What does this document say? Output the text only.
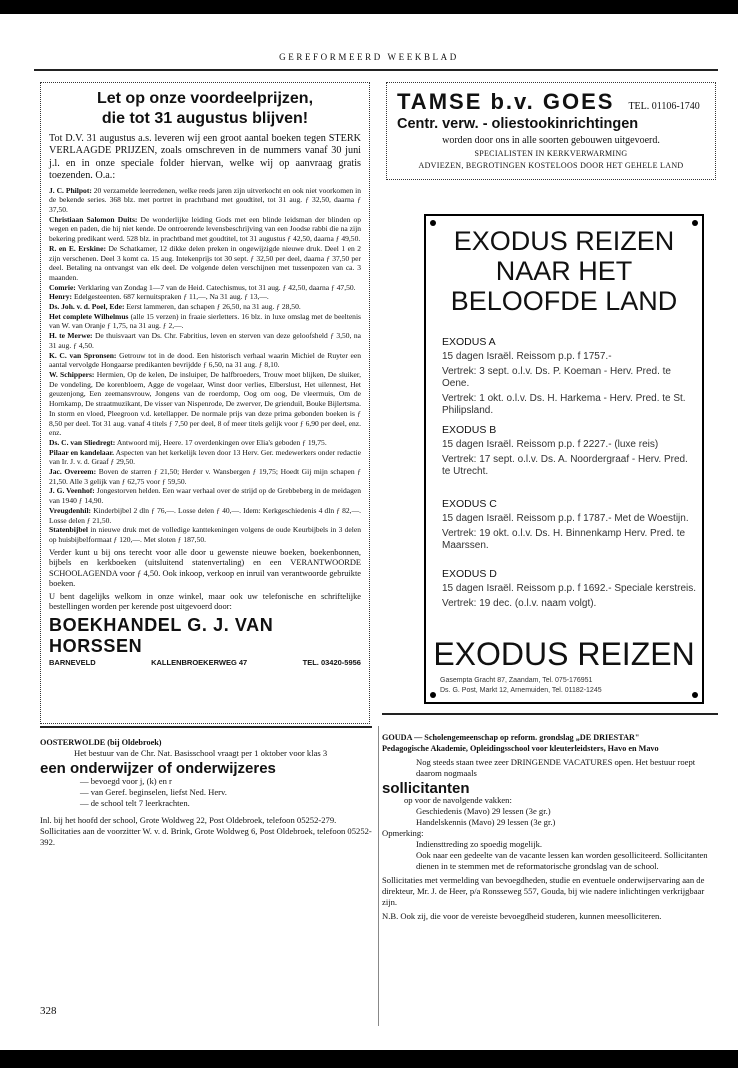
GEREFORMEERD WEEKBLAD
Let op onze voordeelprijzen,
die tot 31 augustus blijven!
Tot D.V. 31 augustus a.s. leveren wij een groot aantal boeken tegen STERK VERLAAGDE PRIJZEN, zoals omschreven in de nummers vanaf 30 juni j.l. en in onze speciale folder hiervan, welke wij op aanvraag gratis toezenden. O.a.:

J. C. Philpot: 20 verzamelde leerredenen, welke reeds jaren zijn uitverkocht en ook niet voorkomen in de bekende series. 368 blz. met portret in prachtband met goudtitel, tot 31 aug. ƒ 32,50, daarna ƒ 37,50.

Christiaan Salomon Duits: De wonderlijke leiding Gods met een blinde leidsman der blinden op wegen en paden, die hij niet kende. De ontroerende levensbeschrijving van een Joodse rabbi die na zijn bekering predikant werd. 528 blz. in prachtband met goudtitel, tot 31 augustus ƒ 42,50, daarna ƒ 49,50.

R. en E. Erskine: De Schatkamer, 12 dikke delen preken in ongewijzigde nieuwe druk. Deel 1 en 2 zijn verschenen. Deel 3 komt ca. 15 aug. Intekenprijs tot 30 sept. ƒ 32,50 per deel, daarna ƒ 37,50 per deel. Betaling na ontvangst van elk deel. De volgende delen verschijnen met tussenpozen van ca. 3 maanden.

Comrie: Verklaring van Zondag 1—7 van de Heid. Catechismus, tot 31 aug. ƒ 42,50, daarna ƒ 47,50.

Henry: Edelgesteenten. 687 kernuitspraken ƒ 11,—, Na 31 aug. ƒ 13,—.

Ds. Joh. v. d. Poel, Ede: Eerst lammeren, dan schapen ƒ 26,50, na 31 aug. ƒ 28,50.

Het complete Wilhelmus (alle 15 verzen) in fraaie sierletters. 16 blz. in luxe omslag met de beeltenis van W. van Oranje ƒ 1,75, na 31 aug. ƒ 2,—.

H. te Merwe: De thuisvaart van Ds. Chr. Fabritius, leven en sterven van deze geloofsheld ƒ 3,50, na 31 aug. ƒ 4,50.

K. C. van Spronsen: Getrouw tot in de dood. Een historisch verhaal waarin Michiel de Ruyter een aantal vervolgde Hongaarse predikanten bevrijdde ƒ 6,50, na 31 aug. ƒ 8,10.

W. Schippers: Hermien, Op de kelen, De insluiper, De halfbroeders, Trouw moet blijken, De sluiker, De vondeling, De korenbloem, Agge de vogelaar, Winst door verlies, Elberslust, Het uilennest, Het geuzenjong, Een zeemansvrouw, Jongens van de roerdomp, Oog om oog, De vleermuis, Om de Hornkamp, De straatmuzikant, De visser van Nispenrode, De zwerver, De grienduil, Bouke Bijlertsma. In storm en vloed, Pleegroon v.d. ketellapper. De normale prijs van deze prima gebonden boeken is ƒ 8,50 per deel. Tot 31 aug. vanaf 4 titels ƒ 7,50 per deel, 8 of meer titels gelijk voor ƒ 6,90 per deel, enz. enz.

Ds. C. van Sliedregt: Antwoord mij, Heere. 17 overdenkingen over Elia's geboden ƒ 19,75.

Pilaar en kandelaar. Aspecten van het kerkelijk leven door 13 Herv. Ger. medewerkers onder redactie van Ir. J. v. d. Graaf ƒ 29,50.

Jac. Overeem: Boven de starren ƒ 21,50; Herder v. Wansbergen ƒ 19,75; Hoedt Gij mijn schapen ƒ 21,50. Alle 3 gelijk van ƒ 62,75 voor ƒ 59,50.

J. G. Veenhof: Jongestorven helden. Een waar verhaal over de strijd op de Grebbeberg in de meidagen van 1940 ƒ 14,90.

Vreugdenhil: Kinderbijbel 2 dln ƒ 76,—. Losse delen ƒ 40,—. Idem: Kerkgeschiedenis 4 dln ƒ 82,—. Losse delen ƒ 21,50.

Statenbijbel in nieuwe druk met de volledige kanttekeningen volgens de oude Keurbijbels in 3 delen op huisbijbelformaat ƒ 120,—. Met sloten ƒ 187,50.

Verder kunt u bij ons terecht voor alle door u gewenste nieuwe boeken, boekenbonnen, bijbels en kerkboeken (uitsluitend statenvertaling) en een VERANTWOORDE SCHOOLAGENDA voor ƒ 4,50. Ook inkoop, verkoop en inruil van verantwoorde gebruikte boeken.

U bent dagelijks welkom in onze winkel, maar ook uw telefonische en schriftelijke bestellingen worden per kerende post uitgevoerd door:

BOEKHANDEL G. J. VAN HORSSEN
BARNEVELD	KALLENBROEKERWEG 47	TEL. 03420-5956
TAMSE b.v. GOES TEL. 01106-1740
Centr. verw. - oliestookinrichtingen
worden door ons in alle soorten gebouwen uitgevoerd.
SPECIALISTEN IN KERKVERWARMING
ADVIEZEN, BEGROTINGEN KOSTELOOS DOOR HET GEHELE LAND
EXODUS REIZEN
NAAR HET
BELOOFDE LAND
EXODUS A
15 dagen Israël. Reissom p.p. f 1757.-
Vertrek: 3 sept. o.l.v. Ds. P. Koeman - Herv. Pred. te Oene.
Vertrek: 1 okt. o.l.v. Ds. H. Harkema - Herv. Pred. te St. Philipsland.
EXODUS B
15 dagen Israël. Reissom p.p. f 2227.- (luxe reis)
Vertrek: 17 sept. o.l.v. Ds. A. Noordergraaf - Herv. Pred. te Utrecht.
EXODUS C
15 dagen Israël. Reissom p.p. f 1787.- Met de Woestijn.
Vertrek: 19 okt. o.l.v. Ds. H. Binnenkamp Herv. Pred. te Maarssen.
EXODUS D
15 dagen Israël. Reissom p.p. f 1692.- Speciale kerstreis.
Vertrek: 19 dec. (o.l.v. naam volgt).
EXODUS REIZEN
Gasempta Gracht 87, Zaandam, Tel. 075-176951
Ds. G. Post, Markt 12, Arnemuiden, Tel. 01182-1245
OOSTERWOLDE (bij Oldebroek)
Het bestuur van de Chr. Nat. Basisschool vraagt per 1 oktober voor klas 3
een onderwijzer of onderwijzeres
— bevoegd voor j, (k) en r
— van Geref. beginselen, liefst Ned. Herv.
— de school telt 7 leerkrachten.
Inl. bij het hoofd der school, Grote Woldweg 22, Post Oldebroek, telefoon 05252-279.
Sollicitaties aan de voorzitter W. v. d. Brink, Grote Woldweg 6, Post Oldebroek, telefoon 05252-392.
GOUDA — Scholengemeenschap op reform. grondslag „DE DRIESTAR"
Pedagogische Akademie, Opleidingsschool voor kleuterleidsters, Havo en Mavo
Nog steeds staan twee zeer DRINGENDE VACATURES open. Het bestuur roept daarom nogmaals
sollicitanten
op voor de navolgende vakken:
Geschiedenis (Mavo) 29 lessen (3e gr.)
Handelskennis (Mavo) 29 lessen (3e gr.)
Opmerking:
Indiensttreding zo spoedig mogelijk.
Ook naar een gedeelte van de vacante lessen kan worden gesolliciteerd. Sollicitanten dienen in te stemmen met de reformatorische grondslag van de school.
Sollicitaties met vermelding van bevoegdheden, studie en eventuele onderwijservaring aan de direkteur, Mr. J. de Heer, p/a Ronsseweg 557, Gouda, bij wie nadere inlichtingen verkrijgbaar zijn.
N.B. Ook zij, die voor de vereiste bevoegdheid studeren, kunnen meesolliciteren.
328
